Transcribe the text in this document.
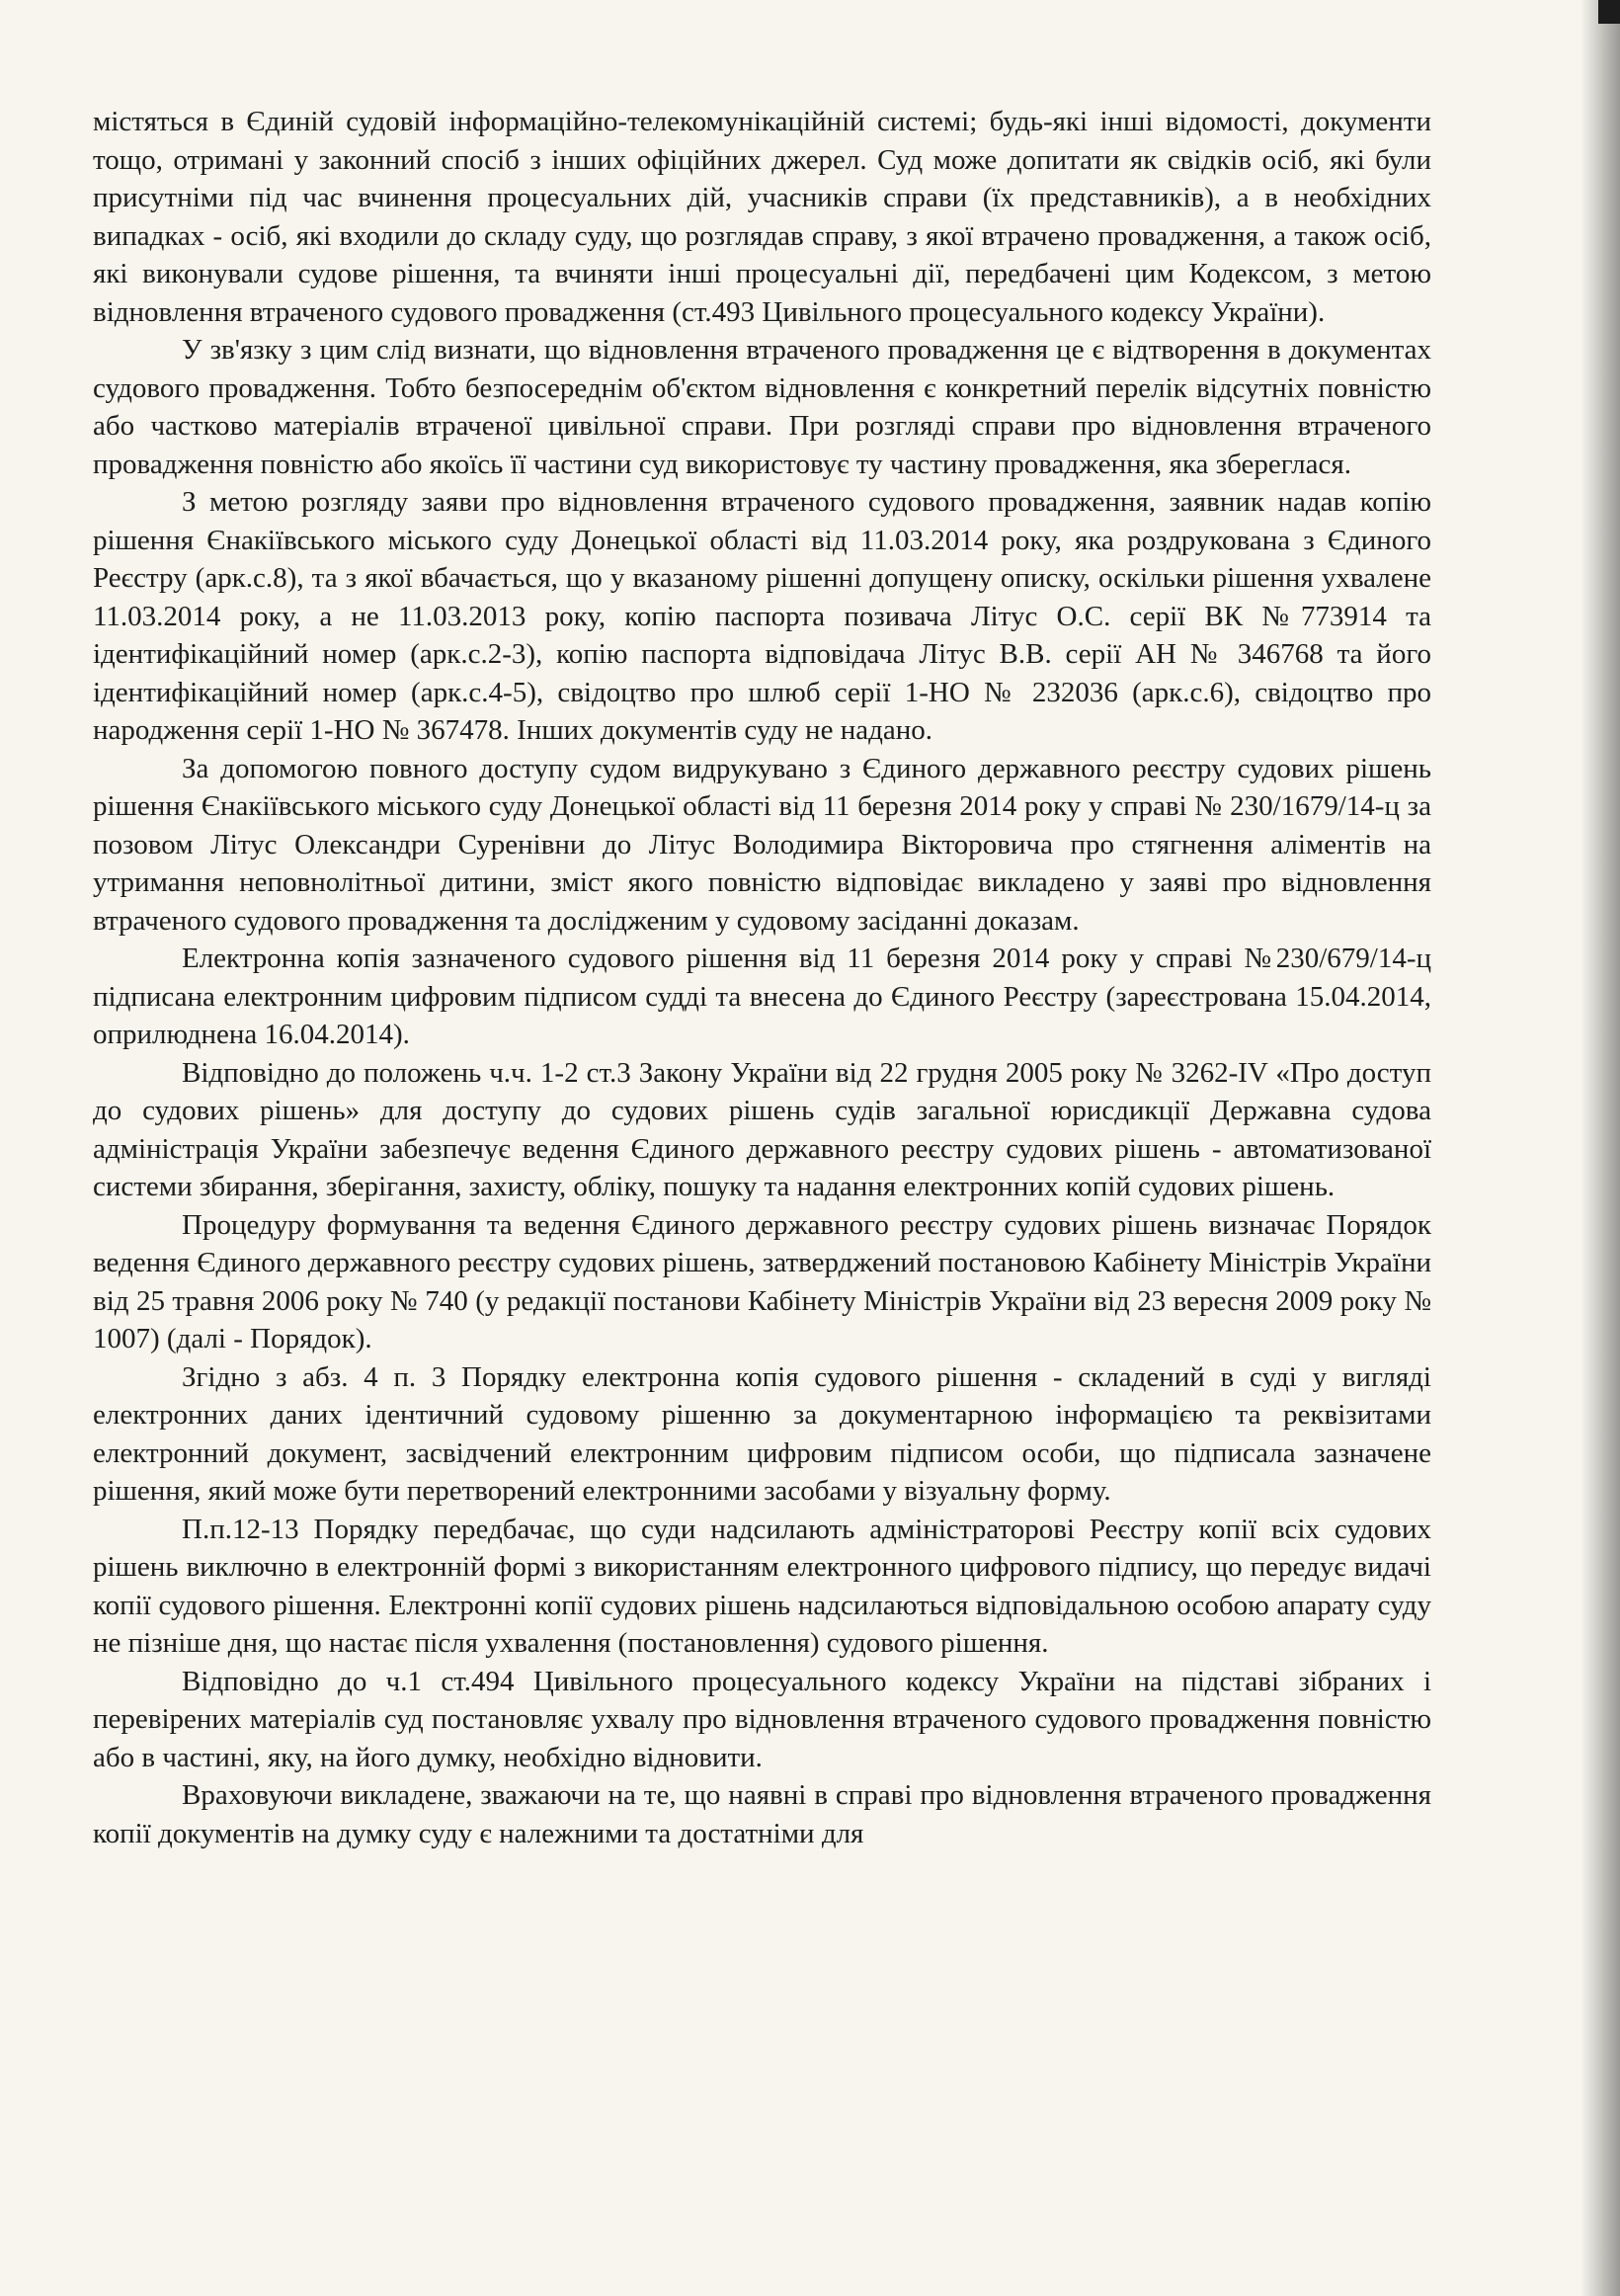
містяться в Єдиній судовій інформаційно-телекомунікаційній системі; будь-які інші відомості, документи тощо, отримані у законний спосіб з інших офіційних джерел. Суд може допитати як свідків осіб, які були присутніми під час вчинення процесуальних дій, учасників справи (їх представників), а в необхідних випадках - осіб, які входили до складу суду, що розглядав справу, з якої втрачено провадження, а також осіб, які виконували судове рішення, та вчиняти інші процесуальні дії, передбачені цим Кодексом, з метою відновлення втраченого судового провадження (ст.493 Цивільного процесуального кодексу України).

У зв'язку з цим слід визнати, що відновлення втраченого провадження це є відтворення в документах судового провадження. Тобто безпосереднім об'єктом відновлення є конкретний перелік відсутніх повністю або частково матеріалів втраченої цивільної справи. При розгляді справи про відновлення втраченого провадження повністю або якоїсь її частини суд використовує ту частину провадження, яка збереглася.

З метою розгляду заяви про відновлення втраченого судового провадження, заявник надав копію рішення Єнакіївського міського суду Донецької області від 11.03.2014 року, яка роздрукована з Єдиного Реєстру (арк.с.8), та з якої вбачається, що у вказаному рішенні допущену описку, оскільки рішення ухвалене 11.03.2014 року, а не 11.03.2013 року, копію паспорта позивача Літус О.С. серії ВК №773914 та ідентифікаційний номер (арк.с.2-3), копію паспорта відповідача Літус В.В. серії АН № 346768 та його ідентифікаційний номер (арк.с.4-5), свідоцтво про шлюб серії 1-НО № 232036 (арк.с.6), свідоцтво про народження серії 1-НО № 367478. Інших документів суду не надано.

За допомогою повного доступу судом видрукувано з Єдиного державного реєстру судових рішень рішення Єнакіївського міського суду Донецької області від 11 березня 2014 року у справі № 230/1679/14-ц за позовом Літус Олександри Суренівни до Літус Володимира Вікторовича про стягнення аліментів на утримання неповнолітньої дитини, зміст якого повністю відповідає викладено у заяві про відновлення втраченого судового провадження та дослідженим у судовому засіданні доказам.

Електронна копія зазначеного судового рішення від 11 березня 2014 року у справі №230/679/14-ц підписана електронним цифровим підписом судді та внесена до Єдиного Реєстру (зареєстрована 15.04.2014, оприлюднена 16.04.2014).

Відповідно до положень ч.ч. 1-2 ст.3 Закону України від 22 грудня 2005 року № 3262-IV «Про доступ до судових рішень» для доступу до судових рішень судів загальної юрисдикції Державна судова адміністрація України забезпечує ведення Єдиного державного реєстру судових рішень - автоматизованої системи збирання, зберігання, захисту, обліку, пошуку та надання електронних копій судових рішень.

Процедуру формування та ведення Єдиного державного реєстру судових рішень визначає Порядок ведення Єдиного державного реєстру судових рішень, затверджений постановою Кабінету Міністрів України від 25 травня 2006 року № 740 (у редакції постанови Кабінету Міністрів України від 23 вересня 2009 року № 1007) (далі - Порядок).

Згідно з абз. 4 п. 3 Порядку електронна копія судового рішення - складений в суді у вигляді електронних даних ідентичний судовому рішенню за документарною інформацією та реквізитами електронний документ, засвідчений електронним цифровим підписом особи, що підписала зазначене рішення, який може бути перетворений електронними засобами у візуальну форму.

П.п.12-13 Порядку передбачає, що суди надсилають адміністраторові Реєстру копії всіх судових рішень виключно в електронній формі з використанням електронного цифрового підпису, що передує видачі копії судового рішення. Електронні копії судових рішень надсилаються відповідальною особою апарату суду не пізніше дня, що настає після ухвалення (постановлення) судового рішення.

Відповідно до ч.1 ст.494 Цивільного процесуального кодексу України на підставі зібраних і перевірених матеріалів суд постановляє ухвалу про відновлення втраченого судового провадження повністю або в частині, яку, на його думку, необхідно відновити.

Враховуючи викладене, зважаючи на те, що наявні в справі про відновлення втраченого провадження копії документів на думку суду є належними та достатніми для
